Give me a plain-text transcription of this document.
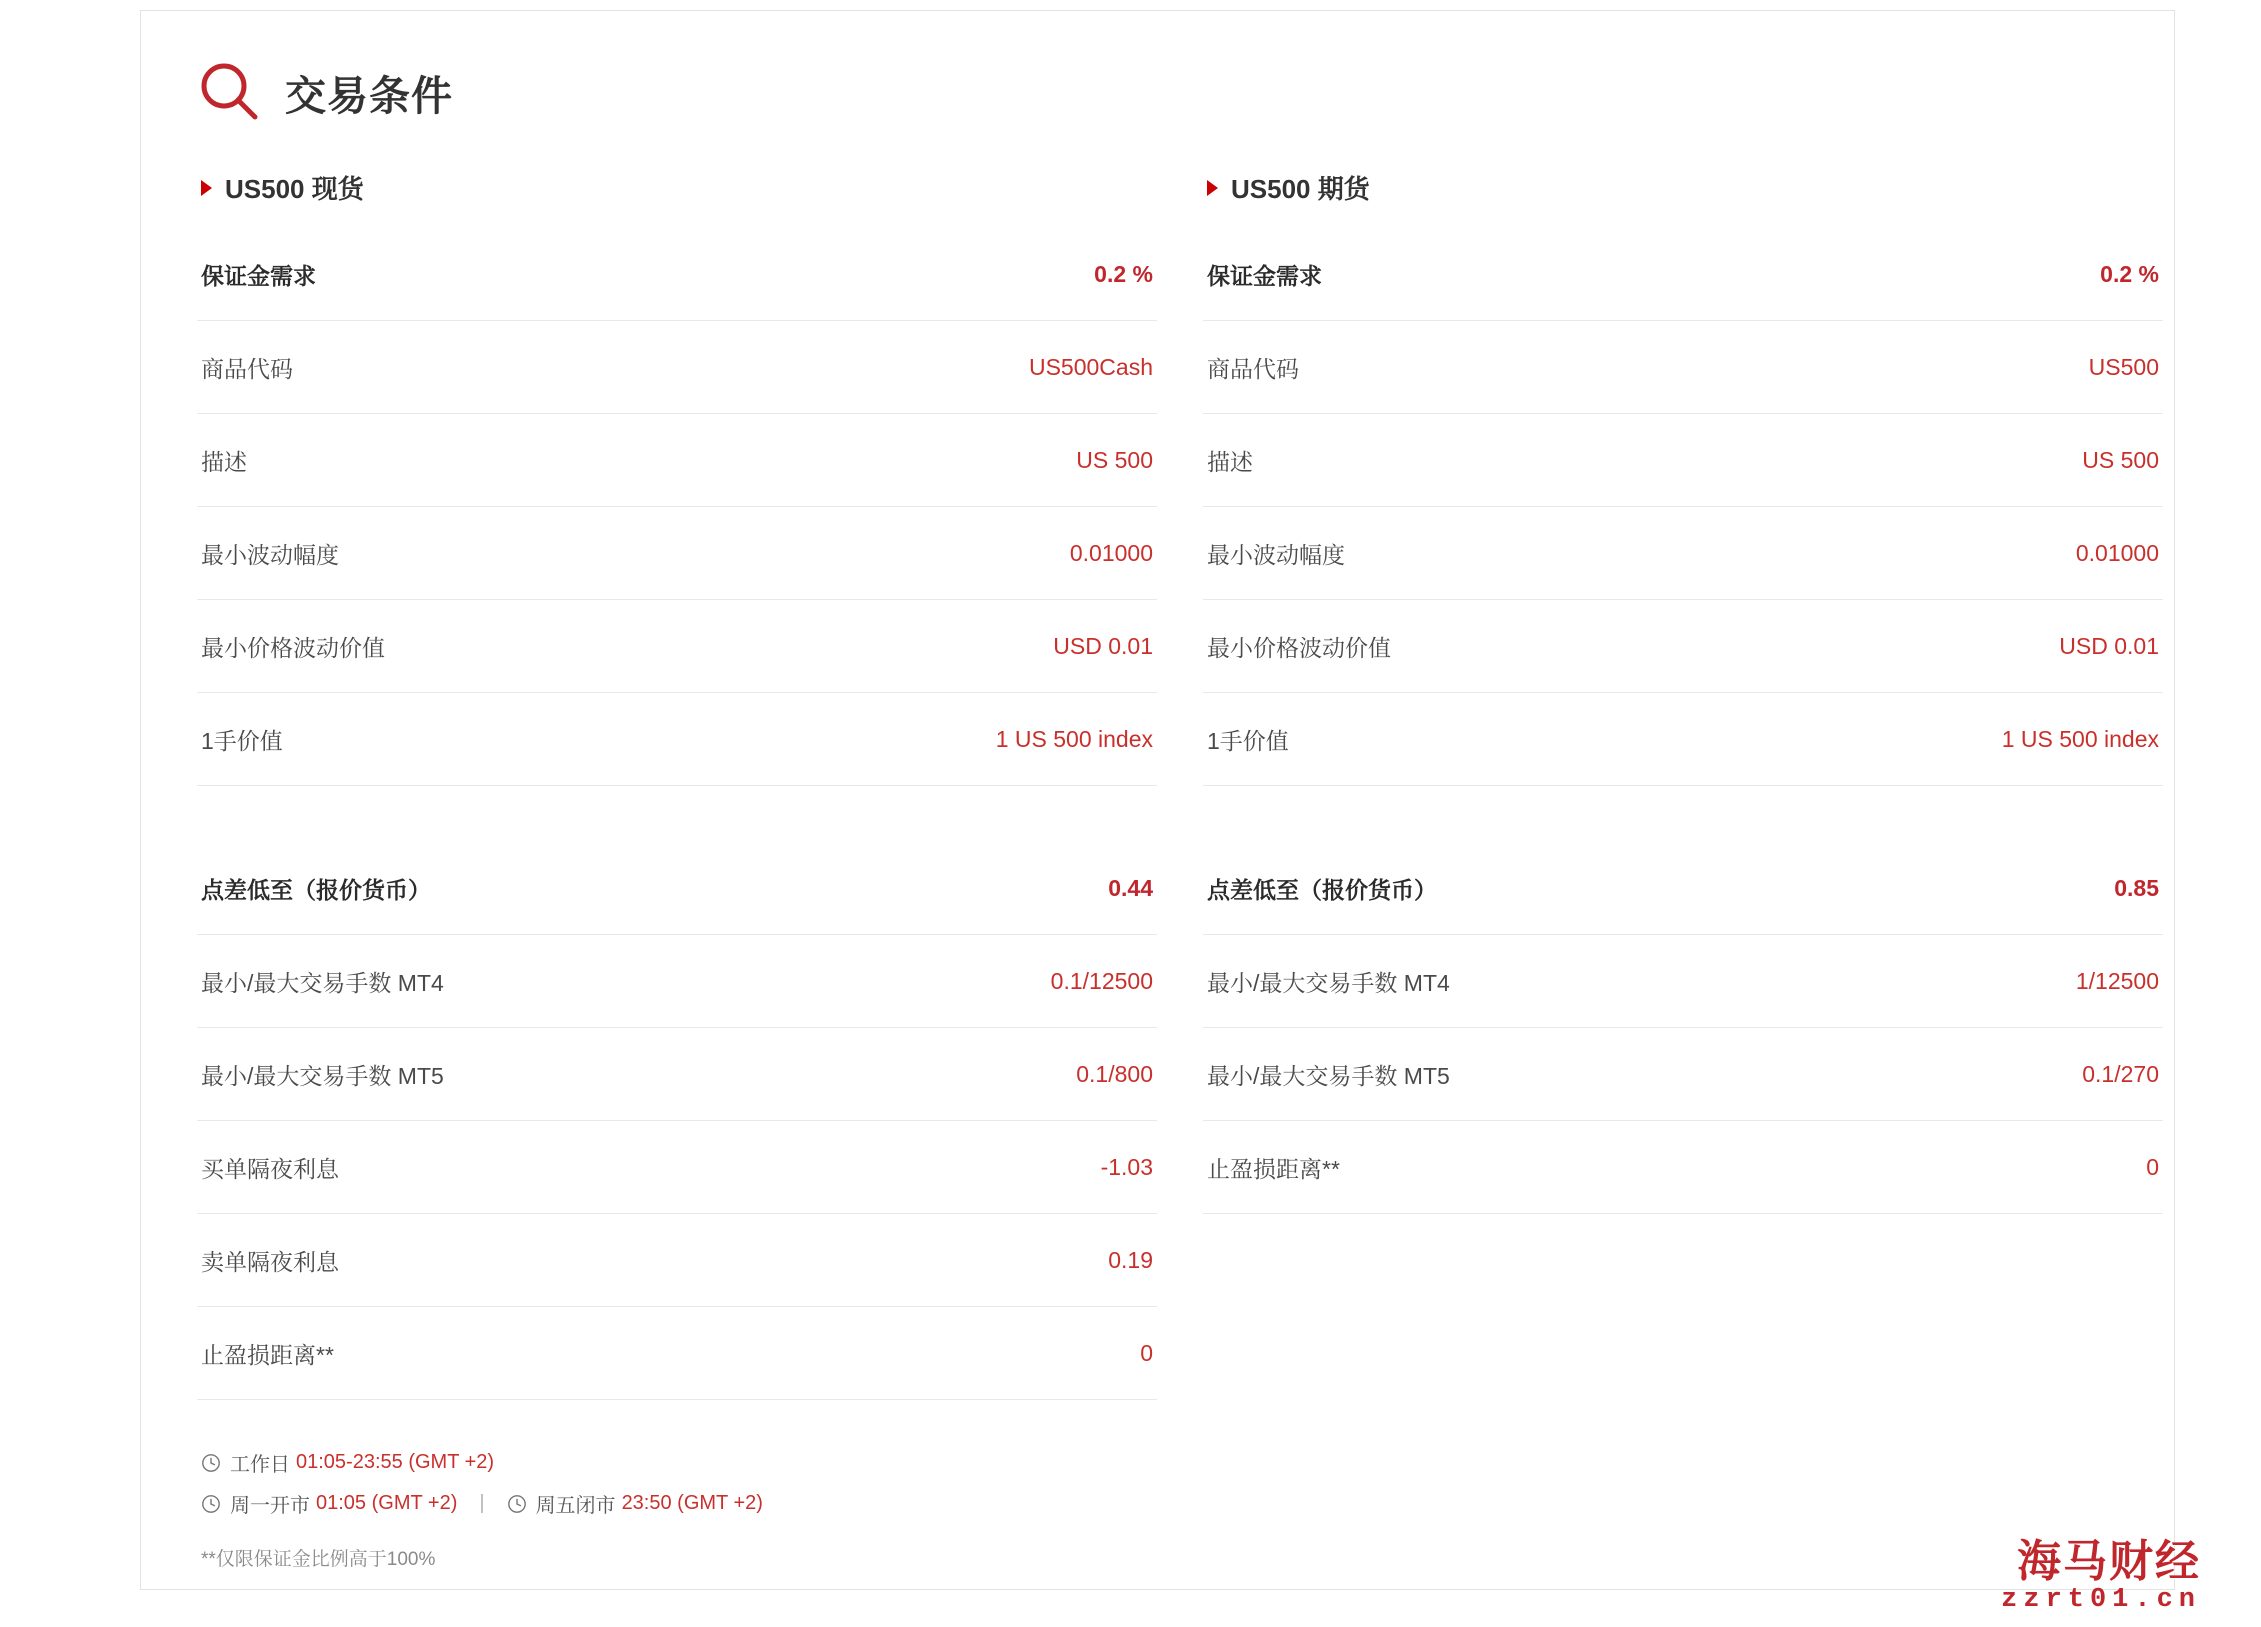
交易条件
US500 现货
保证金需求	0.2 %
商品代码	US500Cash
描述	US 500
最小波动幅度	0.01000
最小价格波动价值	USD 0.01
1手价值	1 US 500 index
点差低至（报价货币）	0.44
最小/最大交易手数 MT4	0.1/12500
最小/最大交易手数 MT5	0.1/800
买单隔夜利息	-1.03
卖单隔夜利息	0.19
止盈损距离**	0
US500 期货
保证金需求	0.2 %
商品代码	US500
描述	US 500
最小波动幅度	0.01000
最小价格波动价值	USD 0.01
1手价值	1 US 500 index
点差低至（报价货币）	0.85
最小/最大交易手数 MT4	1/12500
最小/最大交易手数 MT5	0.1/270
止盈损距离**	0
工作日 01:05-23:55 (GMT +2)
周一开市 01:05 (GMT +2) |	周五闭市 23:50 (GMT +2)
**仅限保证金比例高于100%	海马财经
zzrt01.cn
